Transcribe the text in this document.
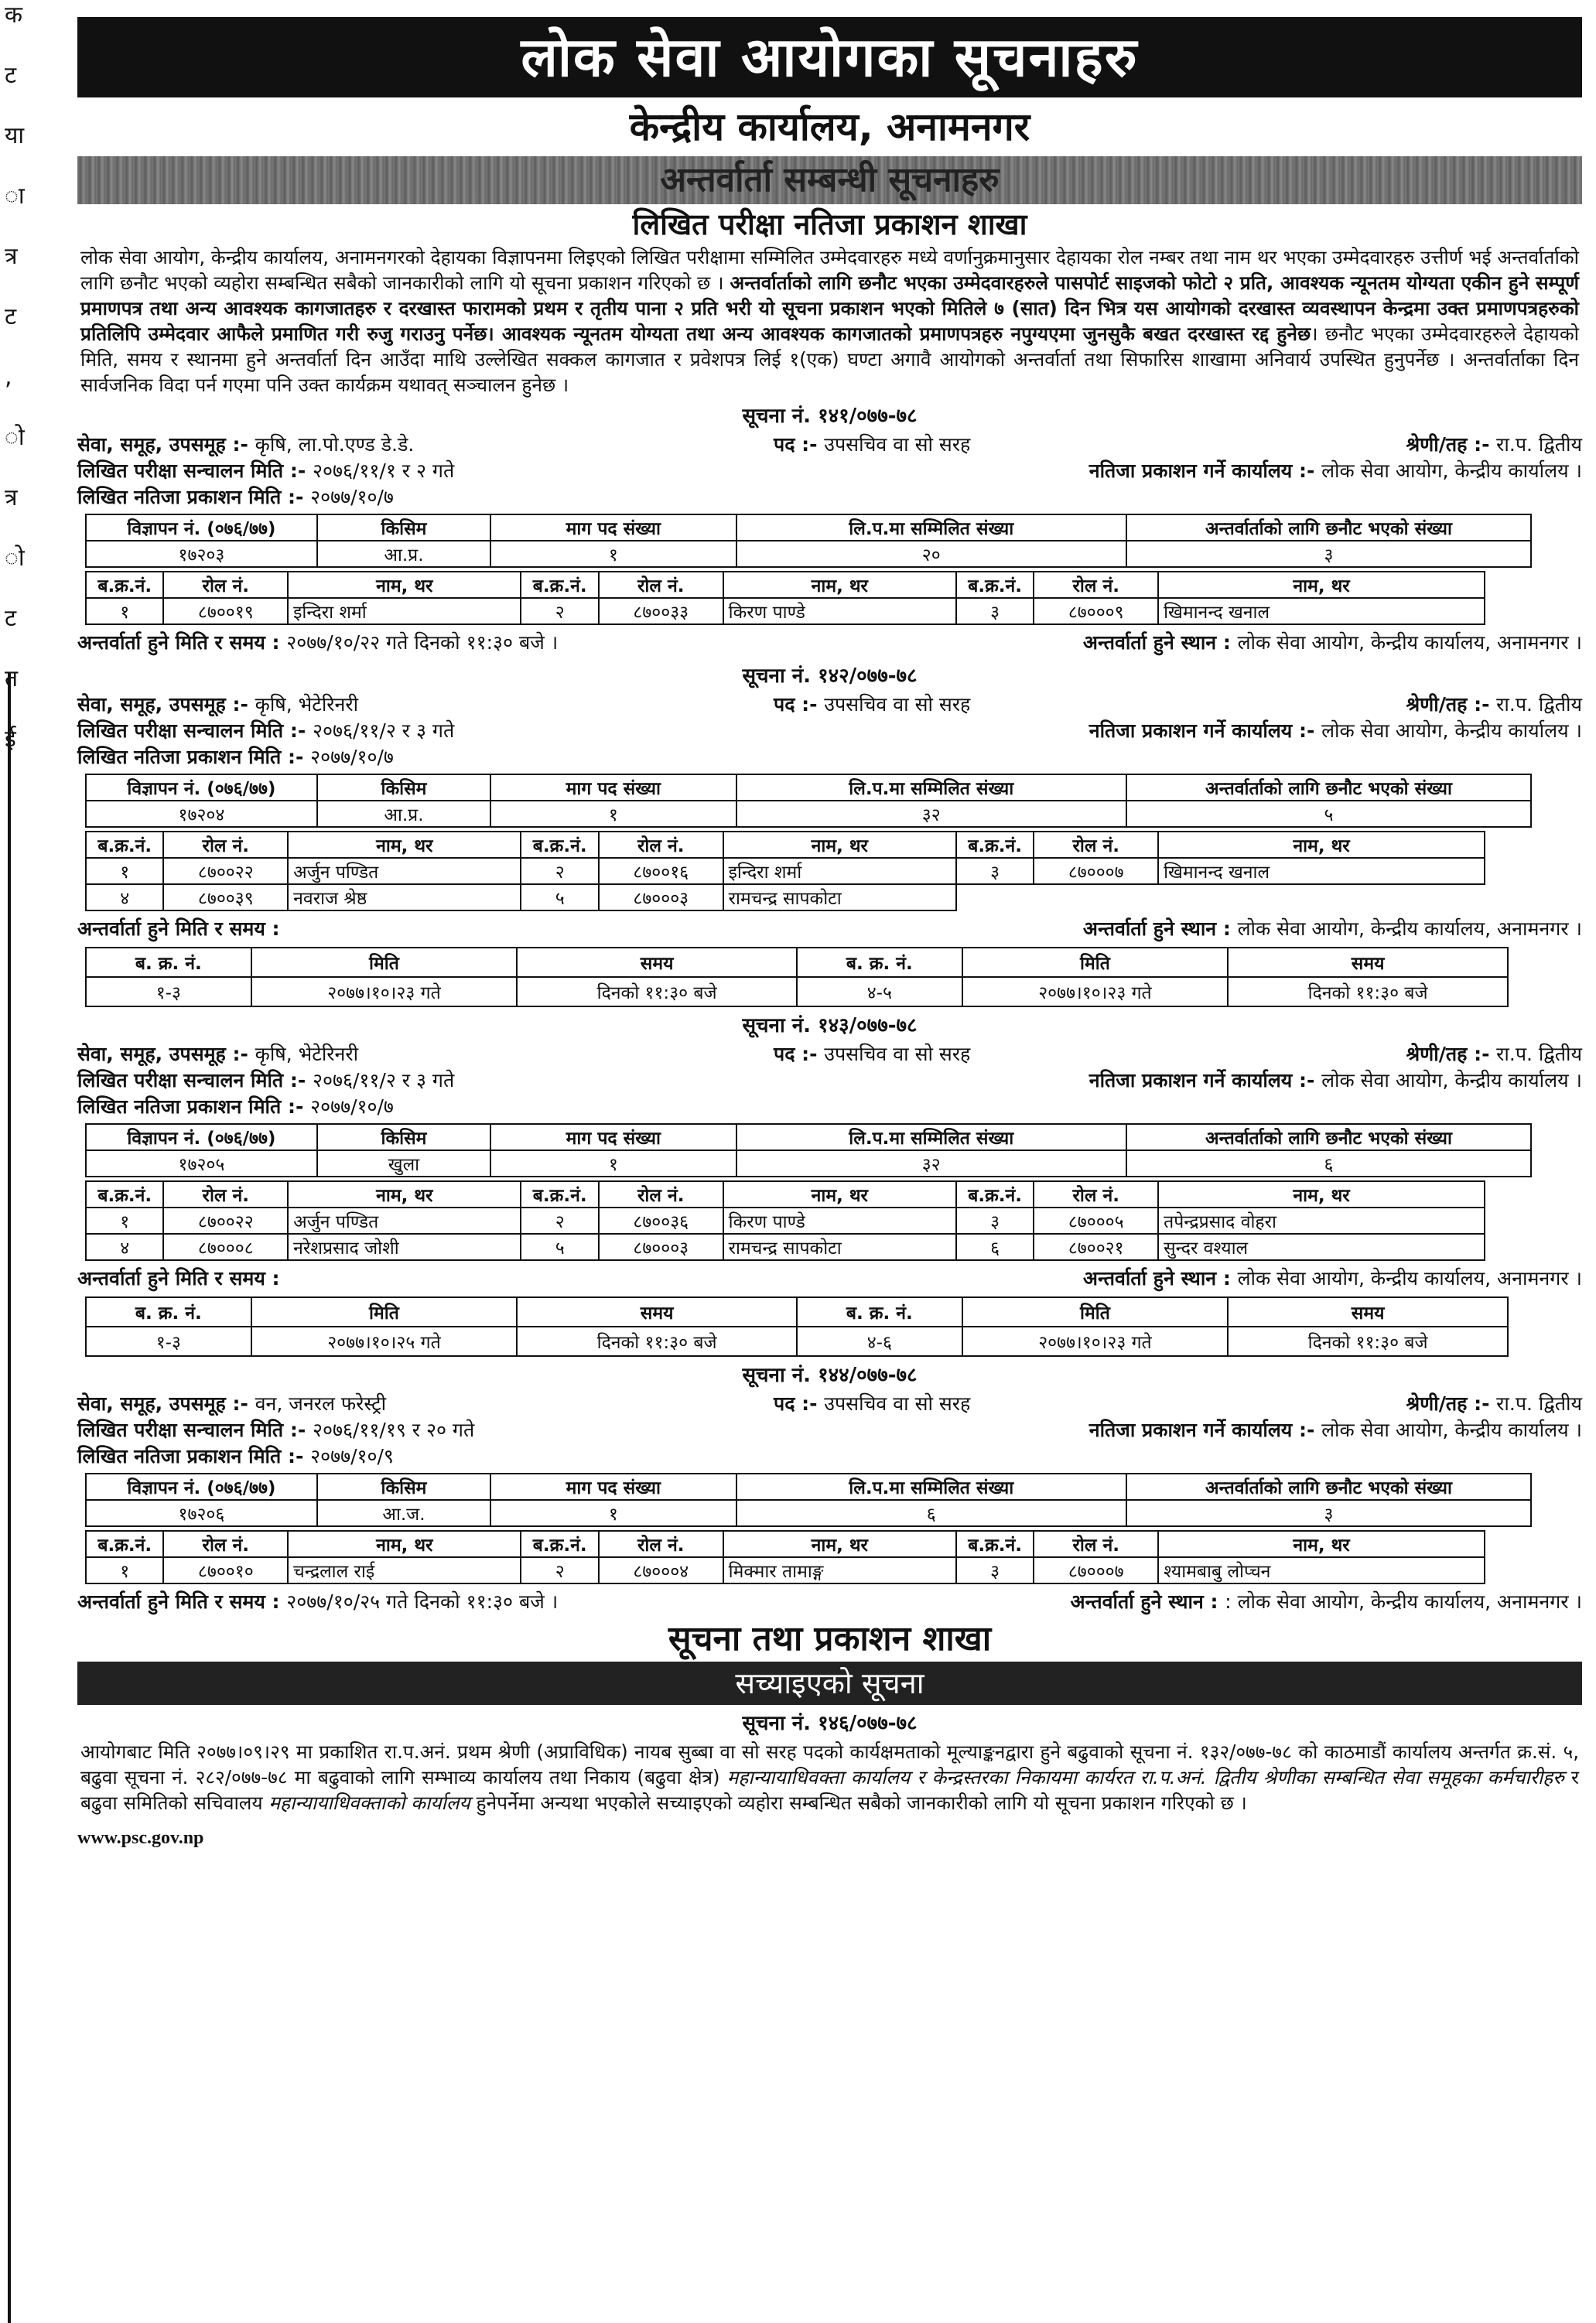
क
ट
या
ा
त्र
ट
,
ो
त्र
ो
ट
त
ई
लोक सेवा आयोगका सूचनाहरु
केन्द्रीय कार्यालय, अनामनगर
अन्तर्वार्ता सम्बन्धी सूचनाहरु
लिखित परीक्षा नतिजा प्रकाशन शाखा
लोक सेवा आयोग, केन्द्रीय कार्यालय, अनामनगरको देहायका विज्ञापनमा लिइएको लिखित परीक्षामा सम्मिलित उम्मेदवारहरु मध्ये वर्णानुक्रमानुसार देहायका रोल नम्बर तथा नाम थर भएका उम्मेदवारहरु उत्तीर्ण भई अन्तर्वार्ताको लागि छनौट भएको व्यहोरा सम्बन्धित सबैको जानकारीको लागि यो सूचना प्रकाशन गरिएको छ । अन्तर्वार्ताको लागि छनौट भएका उम्मेदवारहरुले पासपोर्ट साइजको फोटो २ प्रति, आवश्यक न्यूनतम योग्यता एकीन हुने सम्पूर्ण प्रमाणपत्र तथा अन्य आवश्यक कागजातहरु र दरखास्त फारामको प्रथम र तृतीय पाना २ प्रति भरी यो सूचना प्रकाशन भएको मितिले ७ (सात) दिन भित्र यस आयोगको दरखास्त व्यवस्थापन केन्द्रमा उक्त प्रमाणपत्रहरुको प्रतिलिपि उम्मेदवार आफैले प्रमाणित गरी रुजु गराउनु पर्नेछ। आवश्यक न्यूनतम योग्यता तथा अन्य आवश्यक कागजातको प्रमाणपत्रहरु नपुग्यएमा जुनसुकै बखत दरखास्त रद्द हुनेछ। छनौट भएका उम्मेदवारहरुले देहायको मिति, समय र स्थानमा हुने अन्तर्वार्ता दिन आउँदा माथि उल्लेखित सक्कल कागजात र प्रवेशपत्र लिई १(एक) घण्टा अगावै आयोगको अन्तर्वार्ता तथा सिफारिस शाखामा अनिवार्य उपस्थित हुनुपर्नेछ । अन्तर्वार्ताका दिन सार्वजनिक विदा पर्न गएमा पनि उक्त कार्यक्रम यथावत् सञ्चालन हुनेछ ।
सूचना नं. १४१/०७७-७८
सेवा, समूह, उपसमूह :- कृषि, ला.पो.एण्ड डे.डे.	पद :- उपसचिव वा सो सरह	श्रेणी/तह :- रा.प. द्वितीय
लिखित परीक्षा सन्चालन मिति :- २०७६/११/१ र २ गते	नतिजा प्रकाशन गर्ने कार्यालय :- लोक सेवा आयोग, केन्द्रीय कार्यालय ।
लिखित नतिजा प्रकाशन मिति :- २०७७/१०/७
विज्ञापन नं. (०७६/७७)	किसिम	माग पद संख्या	लि.प.मा सम्मिलित संख्या	अन्तर्वार्ताको लागि छनौट भएको संख्या
१७२०३	आ.प्र.	१	२०	३
ब.क्र.नं.	रोल नं.	नाम, थर	ब.क्र.नं.	रोल नं.	नाम, थर	ब.क्र.नं.	रोल नं.	नाम, थर
१	८७००१९	इन्दिरा शर्मा	२	८७००३३	किरण पाण्डे	३	८७०००९	खिमानन्द खनाल
अन्तर्वार्ता हुने मिति र समय : २०७७/१०/२२ गते दिनको ११:३० बजे ।	अन्तर्वार्ता हुने स्थान : लोक सेवा आयोग, केन्द्रीय कार्यालय, अनामनगर ।
सूचना नं. १४२/०७७-७८
सेवा, समूह, उपसमूह :- कृषि, भेटेरिनरी	पद :- उपसचिव वा सो सरह	श्रेणी/तह :- रा.प. द्वितीय
लिखित परीक्षा सन्चालन मिति :- २०७६/११/२ र ३ गते	नतिजा प्रकाशन गर्ने कार्यालय :- लोक सेवा आयोग, केन्द्रीय कार्यालय ।
लिखित नतिजा प्रकाशन मिति :- २०७७/१०/७
विज्ञापन नं. (०७६/७७)	किसिम	माग पद संख्या	लि.प.मा सम्मिलित संख्या	अन्तर्वार्ताको लागि छनौट भएको संख्या
१७२०४	आ.प्र.	१	३२	५
ब.क्र.नं.	रोल नं.	नाम, थर	ब.क्र.नं.	रोल नं.	नाम, थर	ब.क्र.नं.	रोल नं.	नाम, थर
१	८७००२२	अर्जुन पण्डित	२	८७००१६	इन्दिरा शर्मा	३	८७०००७	खिमानन्द खनाल
४	८७००३९	नवराज श्रेष्ठ	५	८७०००३	रामचन्द्र सापकोटा			
अन्तर्वार्ता हुने मिति र समय :	अन्तर्वार्ता हुने स्थान : लोक सेवा आयोग, केन्द्रीय कार्यालय, अनामनगर ।
ब. क्र. नं.	मिति	समय	ब. क्र. नं.	मिति	समय
१-३	२०७७।१०।२३ गते	दिनको ११:३० बजे	४-५	२०७७।१०।२३ गते	दिनको ११:३० बजे
सूचना नं. १४३/०७७-७८
सेवा, समूह, उपसमूह :- कृषि, भेटेरिनरी	पद :- उपसचिव वा सो सरह	श्रेणी/तह :- रा.प. द्वितीय
लिखित परीक्षा सन्चालन मिति :- २०७६/११/२ र ३ गते	नतिजा प्रकाशन गर्ने कार्यालय :- लोक सेवा आयोग, केन्द्रीय कार्यालय ।
लिखित नतिजा प्रकाशन मिति :- २०७७/१०/७
विज्ञापन नं. (०७६/७७)	किसिम	माग पद संख्या	लि.प.मा सम्मिलित संख्या	अन्तर्वार्ताको लागि छनौट भएको संख्या
१७२०५	खुला	१	३२	६
ब.क्र.नं.	रोल नं.	नाम, थर	ब.क्र.नं.	रोल नं.	नाम, थर	ब.क्र.नं.	रोल नं.	नाम, थर
१	८७००२२	अर्जुन पण्डित	२	८७००३६	किरण पाण्डे	३	८७०००५	तपेन्द्रप्रसाद वोहरा
४	८७०००८	नरेशप्रसाद जोशी	५	८७०००३	रामचन्द्र सापकोटा	६	८७००२१	सुन्दर वश्याल
अन्तर्वार्ता हुने मिति र समय :	अन्तर्वार्ता हुने स्थान : लोक सेवा आयोग, केन्द्रीय कार्यालय, अनामनगर ।
ब. क्र. नं.	मिति	समय	ब. क्र. नं.	मिति	समय
१-३	२०७७।१०।२५ गते	दिनको ११:३० बजे	४-६	२०७७।१०।२३ गते	दिनको ११:३० बजे
सूचना नं. १४४/०७७-७८
सेवा, समूह, उपसमूह :- वन, जनरल फरेस्ट्री	पद :- उपसचिव वा सो सरह	श्रेणी/तह :- रा.प. द्वितीय
लिखित परीक्षा सन्चालन मिति :- २०७६/११/१९ र २० गते	नतिजा प्रकाशन गर्ने कार्यालय :- लोक सेवा आयोग, केन्द्रीय कार्यालय ।
लिखित नतिजा प्रकाशन मिति :- २०७७/१०/९
विज्ञापन नं. (०७६/७७)	किसिम	माग पद संख्या	लि.प.मा सम्मिलित संख्या	अन्तर्वार्ताको लागि छनौट भएको संख्या
१७२०६	आ.ज.	१	६	३
ब.क्र.नं.	रोल नं.	नाम, थर	ब.क्र.नं.	रोल नं.	नाम, थर	ब.क्र.नं.	रोल नं.	नाम, थर
१	८७००१०	चन्द्रलाल राई	२	८७०००४	मिक्मार तामाङ्ग	३	८७०००७	श्यामबाबु लोप्चन
अन्तर्वार्ता हुने मिति र समय : २०७७/१०/२५ गते दिनको ११:३० बजे ।	अन्तर्वार्ता हुने स्थान : : लोक सेवा आयोग, केन्द्रीय कार्यालय, अनामनगर ।
सूचना तथा प्रकाशन शाखा
सच्याइएको सूचना
सूचना नं. १४६/०७७-७८
आयोगबाट मिति २०७७।०९।२९ मा प्रकाशित रा.प.अनं. प्रथम श्रेणी (अप्राविधिक) नायब सुब्बा वा सो सरह पदको कार्यक्षमताको मूल्याङ्कनद्वारा हुने बढुवाको सूचना नं. १३२/०७७-७८ को काठमाडौं कार्यालय अन्तर्गत क्र.सं. ५, बढुवा सूचना नं. २८२/०७७-७८ मा बढुवाको लागि सम्भाव्य कार्यालय तथा निकाय (बढुवा क्षेत्र) महान्यायाधिवक्ता कार्यालय र केन्द्रस्तरका निकायमा कार्यरत रा.प.अनं. द्वितीय श्रेणीका सम्बन्धित सेवा समूहका कर्मचारीहरु र बढुवा समितिको सचिवालय महान्यायाधिवक्ताको कार्यालय हुनेपर्नेमा अन्यथा भएकोले सच्याइएको व्यहोरा सम्बन्धित सबैको जानकारीको लागि यो सूचना प्रकाशन गरिएको छ ।
www.psc.gov.np
